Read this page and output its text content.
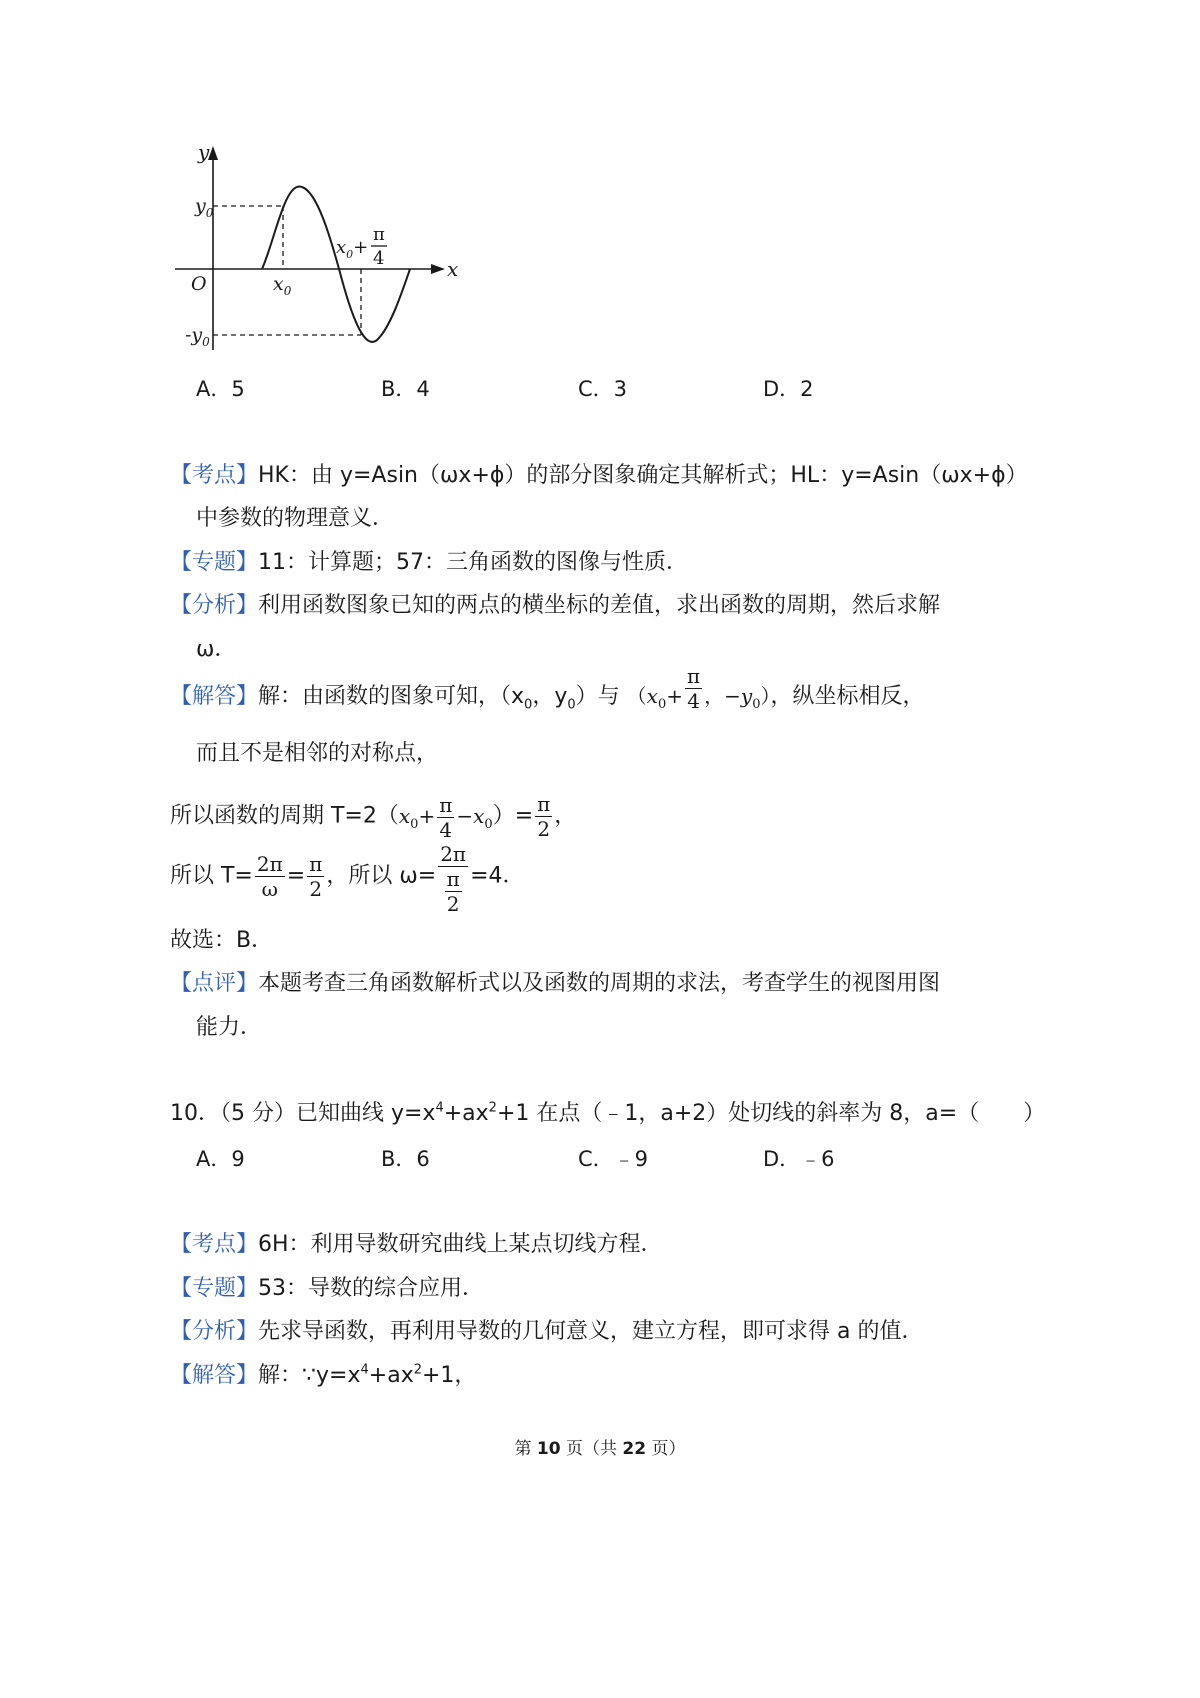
y
x
O
$y_0$
$-y_0$
$x_0$
$x_0+$
π
4
A．5	B．4	C．3	D．2
【考点】HK：由 y=Asin（ωx+ϕ）的部分图象确定其解析式；HL：y=Asin（ωx+ϕ）
中参数的物理意义．
【专题】11：计算题；57：三角函数的图像与性质．
【分析】利用函数图象已知的两点的横坐标的差值，求出函数的周期，然后求解
ω．
【解答】解：由函数的图象可知，（$x_0$，$y_0$）与 （$x_0+ \frac{\pi}{4}$ ，$-y_0$），纵坐标相反，
而且不是相邻的对称点，
所以函数的周期 $T=2(x_0+ \frac{\pi}{4} -x_0)= \frac{\pi}{2}$ ，
所以 $T= \frac{2\pi}{\omega} = \frac{\pi}{2}$ ，所以 $\omega= \frac{2\pi}{\frac{\pi}{2}} =4$．
故选：B．
【点评】本题考查三角函数解析式以及函数的周期的求法，考查学生的视图用图
能力．
10．（5 分）已知曲线 $y=x^4+ax^2+1$ 在点（﹣1，a+2）处切线的斜率为 8，a=（　　）
A．9	B．6	C．﹣9	D．﹣6
【考点】6H：利用导数研究曲线上某点切线方程．
【专题】53：导数的综合应用．
【分析】先求导函数，再利用导数的几何意义，建立方程，即可求得 a 的值．
【解答】解：$\because y=x^4+ax^2+1$，
第 10 页（共 22 页）
